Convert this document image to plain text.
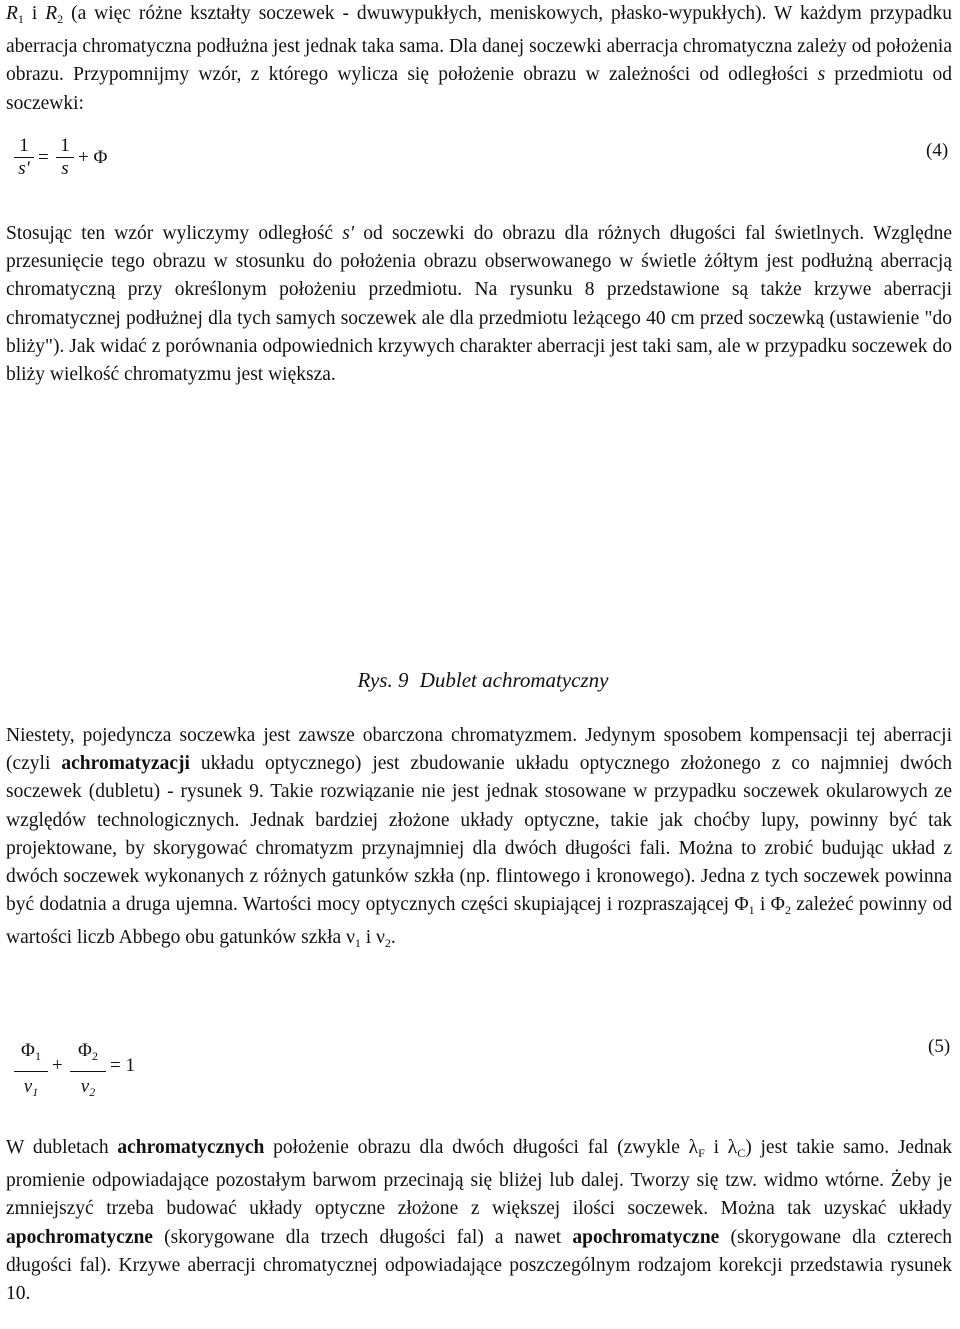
$R_1$ i $R_2$ (a więc różne kształty soczewek - dwuwypukłych, meniskowych, płasko-wypukłych). W każdym przypadku aberracja chromatyczna podłużna jest jednak taka sama. Dla danej soczewki aberracja chromatyczna zależy od położenia obrazu. Przypomnijmy wzór, z którego wylicza się położenie obrazu w zależności od odległości s przedmiotu od soczewki:

1
s'
=
1
s
+ Φ	(4)

Stosując ten wzór wyliczymy odległość s' od soczewki do obrazu dla różnych długości fal świetlnych. Względne przesunięcie tego obrazu w stosunku do położenia obrazu obserwowanego w świetle żółtym jest podłużną aberracją chromatyczną przy określonym położeniu przedmiotu. Na rysunku 8 przedstawione są także krzywe aberracji chromatycznej podłużnej dla tych samych soczewek ale dla przedmiotu leżącego 40 cm przed soczewką (ustawienie "do bliży"). Jak widać z porównania odpowiednich krzywych charakter aberracji jest taki sam, ale w przypadku soczewek do bliży wielkość chromatyzmu jest większa.

Rys. 9 Dublet achromatyczny

Niestety, pojedyncza soczewka jest zawsze obarczona chromatyzmem. Jedynym sposobem kompensacji tej aberracji (czyli achromatyzacji układu optycznego) jest zbudowanie układu optycznego złożonego z co najmniej dwóch soczewek (dubletu) - rysunek 9. Takie rozwiązanie nie jest jednak stosowane w przypadku soczewek okularowych ze względów technologicznych. Jednak bardziej złożone układy optyczne, takie jak choćby lupy, powinny być tak projektowane, by skorygować chromatyzm przynajmniej dla dwóch długości fali. Można to zrobić budując układ z dwóch soczewek wykonanych z różnych gatunków szkła (np. flintowego i kronowego). Jedna z tych soczewek powinna być dodatnia a druga ujemna. Wartości mocy optycznych części skupiającej i rozpraszającej $\Phi_1$ i $\Phi_2$ zależeć powinny od wartości liczb Abbego obu gatunków szkła $\nu_1$ i $\nu_2$.

$\Phi_1$
$\nu_1$
+
$\Phi_2$
$\nu_2$
= 1
(5)

W dubletach achromatycznych położenie obrazu dla dwóch długości fal (zwykle $\lambda_F$ i $\lambda_C$) jest takie samo. Jednak promienie odpowiadające pozostałym barwom przecinają się bliżej lub dalej. Tworzy się tzw. widmo wtórne. Żeby je zmniejszyć trzeba budować układy optyczne złożone z większej ilości soczewek. Można tak uzyskać układy apochromatyczne (skorygowane dla trzech długości fal) a nawet apochromatyczne (skorygowane dla czterech długości fal). Krzywe aberracji chromatycznej odpowiadające poszczególnym rodzajom korekcji przedstawia rysunek 10.
